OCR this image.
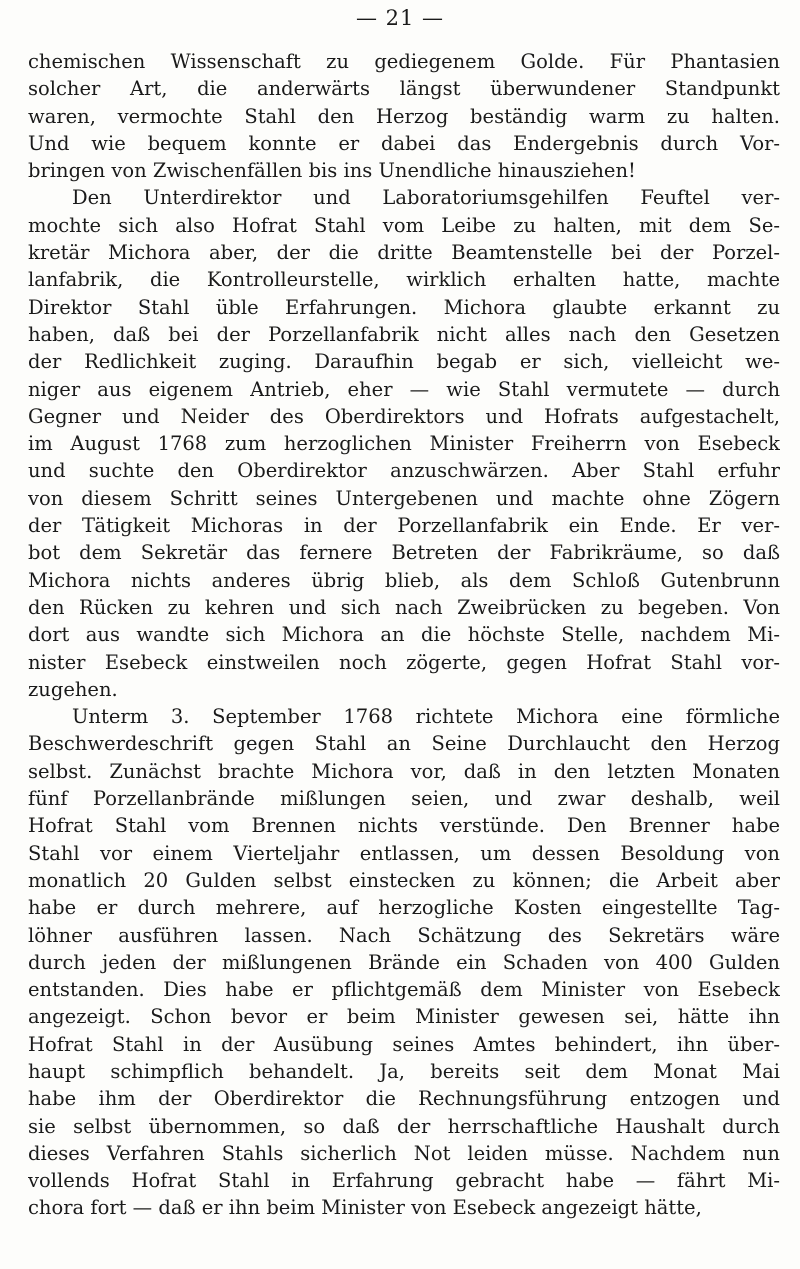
— 21 —
chemischen Wissenschaft zu gediegenem Golde. Für Phantasien
solcher Art, die anderwärts längst überwundener Standpunkt
waren, vermochte Stahl den Herzog beständig warm zu halten.
Und wie bequem konnte er dabei das Endergebnis durch Vor-
bringen von Zwischenfällen bis ins Unendliche hinausziehen!
Den Unterdirektor und Laboratoriumsgehilfen Feuftel ver-
mochte sich also Hofrat Stahl vom Leibe zu halten, mit dem Se-
kretär Michora aber, der die dritte Beamtenstelle bei der Porzel-
lanfabrik, die Kontrolleurstelle, wirklich erhalten hatte, machte
Direktor Stahl üble Erfahrungen. Michora glaubte erkannt zu
haben, daß bei der Porzellanfabrik nicht alles nach den Gesetzen
der Redlichkeit zuging. Daraufhin begab er sich, vielleicht we-
niger aus eigenem Antrieb, eher — wie Stahl vermutete — durch
Gegner und Neider des Oberdirektors und Hofrats aufgestachelt,
im August 1768 zum herzoglichen Minister Freiherrn von Esebeck
und suchte den Oberdirektor anzuschwärzen. Aber Stahl erfuhr
von diesem Schritt seines Untergebenen und machte ohne Zögern
der Tätigkeit Michoras in der Porzellanfabrik ein Ende. Er ver-
bot dem Sekretär das fernere Betreten der Fabrikräume, so daß
Michora nichts anderes übrig blieb, als dem Schloß Gutenbrunn
den Rücken zu kehren und sich nach Zweibrücken zu begeben. Von
dort aus wandte sich Michora an die höchste Stelle, nachdem Mi-
nister Esebeck einstweilen noch zögerte, gegen Hofrat Stahl vor-
zugehen.
Unterm 3. September 1768 richtete Michora eine förmliche
Beschwerdeschrift gegen Stahl an Seine Durchlaucht den Herzog
selbst. Zunächst brachte Michora vor, daß in den letzten Monaten
fünf Porzellanbrände mißlungen seien, und zwar deshalb, weil
Hofrat Stahl vom Brennen nichts verstünde. Den Brenner habe
Stahl vor einem Vierteljahr entlassen, um dessen Besoldung von
monatlich 20 Gulden selbst einstecken zu können; die Arbeit aber
habe er durch mehrere, auf herzogliche Kosten eingestellte Tag-
löhner ausführen lassen. Nach Schätzung des Sekretärs wäre
durch jeden der mißlungenen Brände ein Schaden von 400 Gulden
entstanden. Dies habe er pflichtgemäß dem Minister von Esebeck
angezeigt. Schon bevor er beim Minister gewesen sei, hätte ihn
Hofrat Stahl in der Ausübung seines Amtes behindert, ihn über-
haupt schimpflich behandelt. Ja, bereits seit dem Monat Mai
habe ihm der Oberdirektor die Rechnungsführung entzogen und
sie selbst übernommen, so daß der herrschaftliche Haushalt durch
dieses Verfahren Stahls sicherlich Not leiden müsse. Nachdem nun
vollends Hofrat Stahl in Erfahrung gebracht habe — fährt Mi-
chora fort — daß er ihn beim Minister von Esebeck angezeigt hätte,
